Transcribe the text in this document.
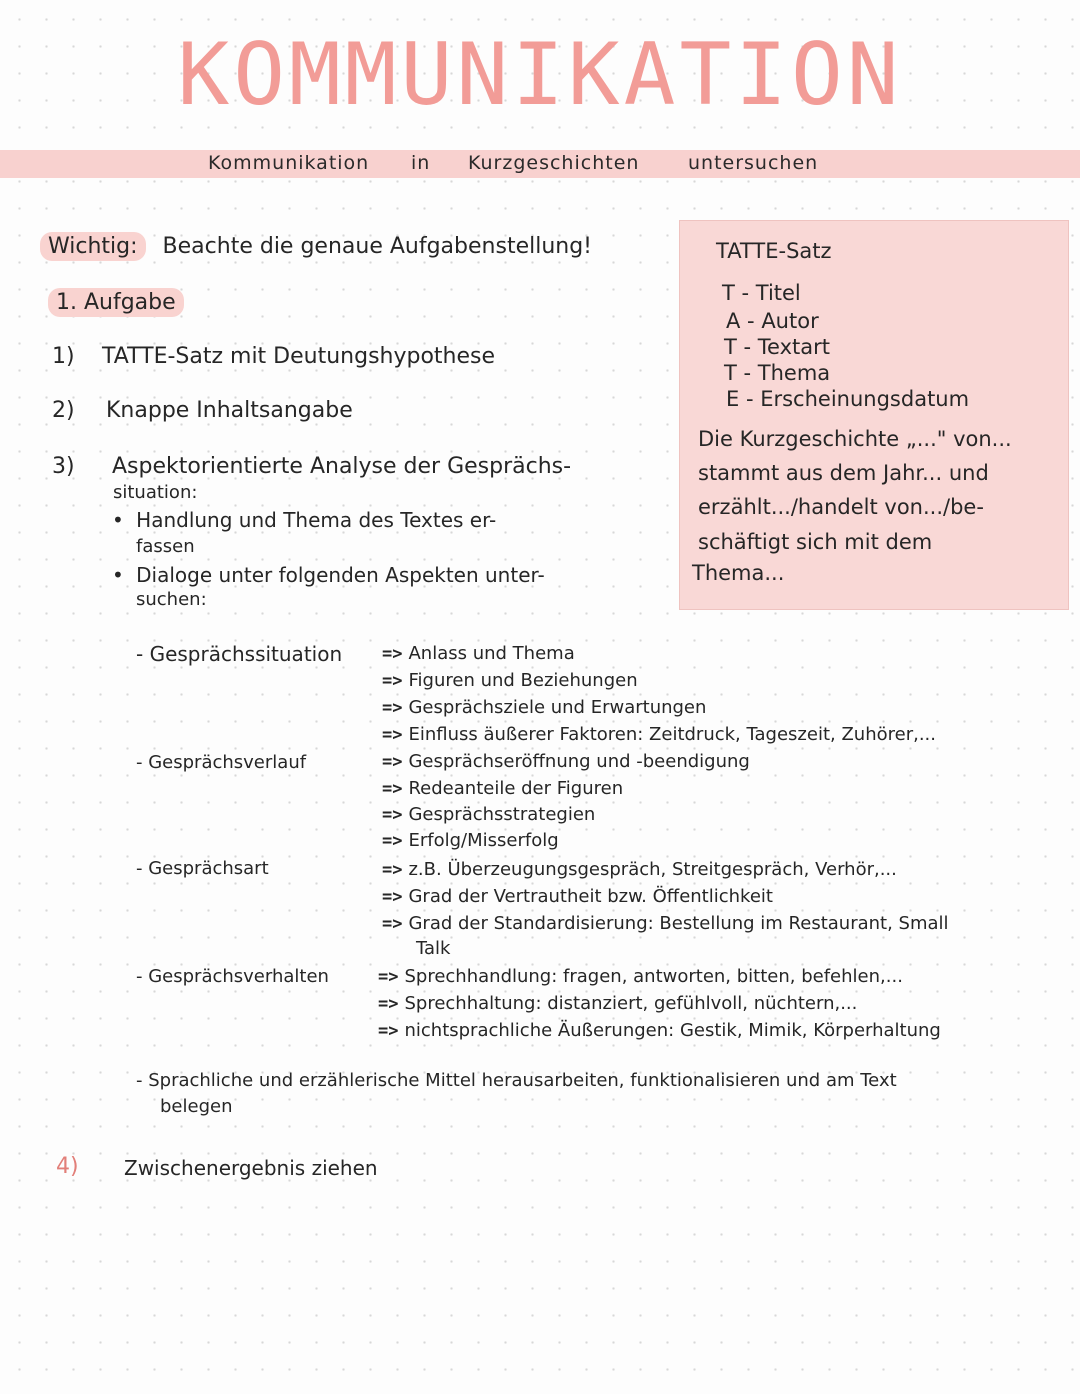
KOMMUNIKATION
Kommunikation in Kurzgeschichten	untersuchen
Wichtig: Beachte die genaue Aufgabenstellung!
1. Aufgabe
1) TATTE-Satz mit Deutungshypothese
2) Knappe Inhaltsangabe
3) Aspektorientierte Analyse der Gesprächs-
situation:
• Handlung und Thema des Textes er-
fassen
• Dialoge unter folgenden Aspekten unter-
suchen:
TATTE-Satz
T - Titel
A - Autor
T - Textart
T - Thema
E - Erscheinungsdatum
Die Kurzgeschichte „..." von...
stammt aus dem Jahr... und
erzählt.../handelt von.../be-
schäftigt sich mit dem
Thema...
- Gesprächssituation
- Gesprächsverlauf
- Gesprächsart
- Gesprächsverhalten
=> Anlass und Thema
=> Figuren und Beziehungen
=> Gesprächsziele und Erwartungen
=> Einfluss äußerer Faktoren: Zeitdruck, Tageszeit, Zuhörer,...
=> Gesprächseröffnung und -beendigung
=> Redeanteile der Figuren
=> Gesprächsstrategien
=> Erfolg/Misserfolg
=> z.B. Überzeugungsgespräch, Streitgespräch, Verhör,...
=> Grad der Vertrautheit bzw. Öffentlichkeit
=> Grad der Standardisierung: Bestellung im Restaurant, Small
Talk
=> Sprechhandlung: fragen, antworten, bitten, befehlen,...
=> Sprechhaltung: distanziert, gefühlvoll, nüchtern,...
=> nichtsprachliche Äußerungen: Gestik, Mimik, Körperhaltung
- Sprachliche und erzählerische Mittel herausarbeiten, funktionalisieren und am Text
belegen
4) Zwischenergebnis ziehen
